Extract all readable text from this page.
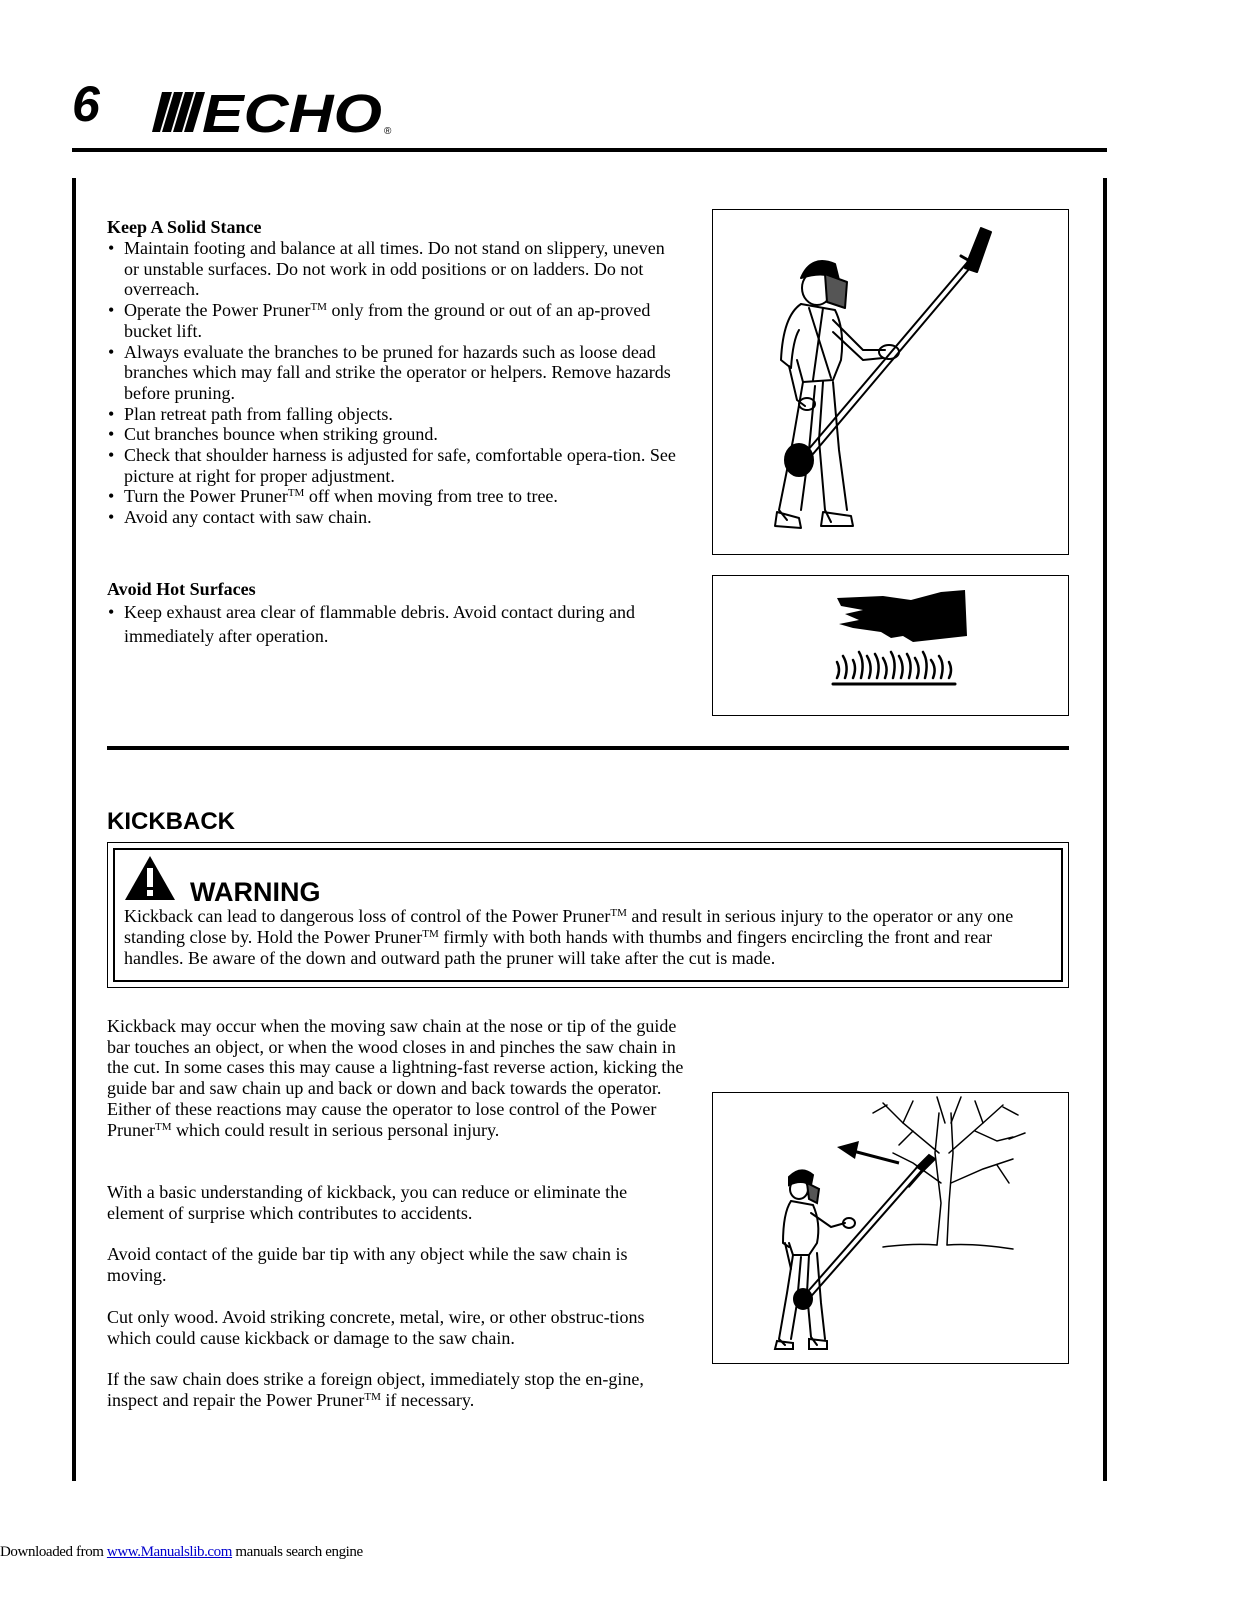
6 ECHO ®
Keep A Solid Stance
• Maintain footing and balance at all times. Do not stand on slippery, uneven or unstable surfaces. Do not work in odd positions or on ladders. Do not overreach.
• Operate the Power Pruner™ only from the ground or out of an ap-proved bucket lift.
• Always evaluate the branches to be pruned for hazards such as loose dead branches which may fall and strike the operator or helpers. Remove hazards before pruning.
• Plan retreat path from falling objects.
• Cut branches bounce when striking ground.
• Check that shoulder harness is adjusted for safe, comfortable opera-tion. See picture at right for proper adjustment.
• Turn the Power Pruner™ off when moving from tree to tree.
• Avoid any contact with saw chain.
Avoid Hot Surfaces
• Keep exhaust area clear of flammable debris. Avoid contact during and immediately after operation.
KICKBACK
WARNING
Kickback can lead to dangerous loss of control of the Power Pruner™ and result in serious injury to the operator or any one standing close by. Hold the Power Pruner™ firmly with both hands with thumbs and fingers encircling the front and rear handles. Be aware of the down and outward path the pruner will take after the cut is made.
Kickback may occur when the moving saw chain at the nose or tip of the guide bar touches an object, or when the wood closes in and pinches the saw chain in the cut. In some cases this may cause a lightning-fast reverse action, kicking the guide bar and saw chain up and back or down and back towards the operator. Either of these reactions may cause the operator to lose control of the Power Pruner™ which could result in serious personal injury.
With a basic understanding of kickback, you can reduce or eliminate the element of surprise which contributes to accidents.
Avoid contact of the guide bar tip with any object while the saw chain is moving.
Cut only wood. Avoid striking concrete, metal, wire, or other obstruc-tions which could cause kickback or damage to the saw chain.
If the saw chain does strike a foreign object, immediately stop the en-gine, inspect and repair the Power Pruner™ if necessary.
Downloaded from www.Manualslib.com manuals search engine
